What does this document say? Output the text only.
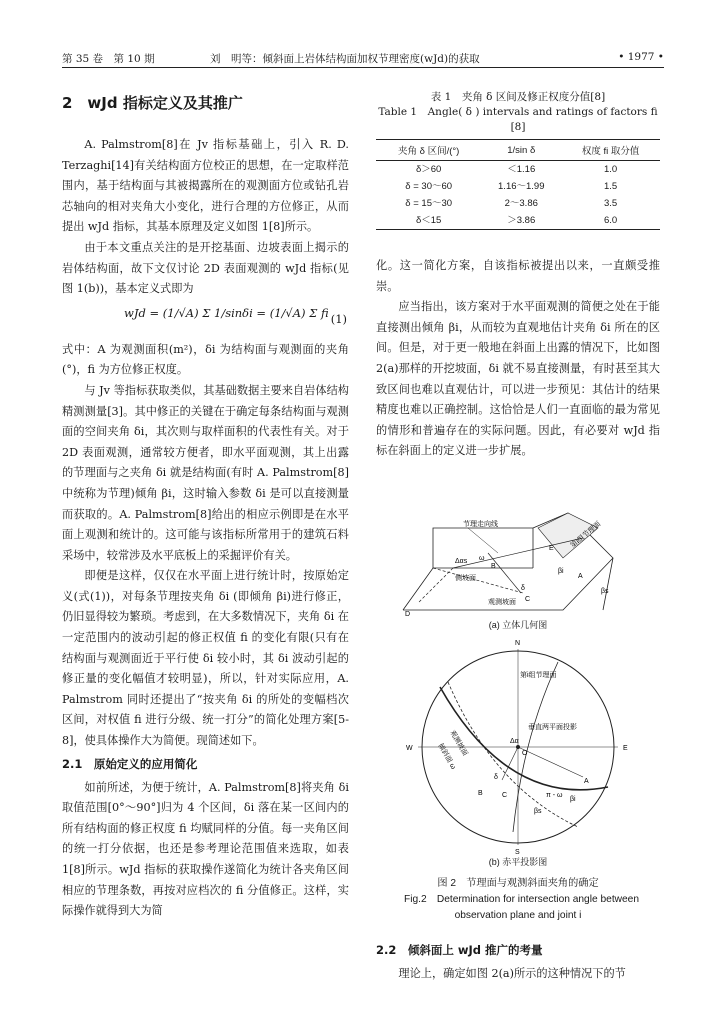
第 35 卷　第 10 期	刘　明等：倾斜面上岩体结构面加权节理密度(wJd)的获取	• 1977 •
2　wJd 指标定义及其推广

A. Palmstrom[8]在 Jv 指标基础上，引入 R. D. Terzaghi[14]有关结构面方位校正的思想，在一定取样范围内，基于结构面与其被揭露所在的观测面方位或钻孔岩芯轴向的相对夹角大小变化，进行合理的方位修正，从而提出 wJd 指标，其基本原理及定义如图 1[8]所示。

由于本文重点关注的是开挖基面、边坡表面上揭示的岩体结构面，故下文仅讨论 2D 表面观测的 wJd 指标(见图 1(b))，基本定义式即为

wJd = (1/√A) Σ 1/sinδi = (1/√A) Σ fi (1)

式中：A 为观测面积(m²)，δi 为结构面与观测面的夹角(°)，fi 为方位修正权度。

与 Jv 等指标获取类似，其基础数据主要来自岩体结构精测测量[3]。其中修正的关键在于确定每条结构面与观测面的空间夹角 δi，其次则与取样面积的代表性有关。对于 2D 表面观测，通常较方便者，即水平面观测，其上出露的节理面与之夹角 δi 就是结构面(有时 A. Palmstrom[8]中统称为节理)倾角 βi，这时输入参数 δi 是可以直接测量而获取的。A. Palmstrom[8]给出的相应示例即是在水平面上观测和统计的。这可能与该指标所常用于的建筑石料采场中，较常涉及水平底板上的采掘评价有关。

即便是这样，仅仅在水平面上进行统计时，按原始定义(式(1))，对每条节理按夹角 δi (即倾角 βi)进行修正，仍旧显得较为繁琐。考虑到，在大多数情况下，夹角 δi 在一定范围内的波动引起的修正权值 fi 的变化有限(只有在结构面与观测面近于平行使 δi 较小时，其 δi 波动引起的修正量的变化幅值才较明显)，所以，针对实际应用，A. Palmstrom 同时还提出了“按夹角 δi 的所处的变幅档次区间，对权值 fi 进行分级、统一打分”的简化处理方案[5-8]，使具体操作大为简便。现简述如下。

2.1　原始定义的应用简化

如前所述，为便于统计，A. Palmstrom[8]将夹角 δi 取值范围[0°～90°]归为 4 个区间，δi 落在某一区间内的所有结构面的修正权度 fi 均赋同样的分值。每一夹角区间的统一打分依据，也还是参考理论范围值来选取，如表 1[8]所示。wJd 指标的获取操作遂简化为统计各夹角区间相应的节理条数，再按对应档次的 fi 分值修正。这样，实际操作就得到大为简

表 1　夹角 δ 区间及修正权度分值[8]
Table 1　Angle( δ ) intervals and ratings of factors fi [8]
夹角 δ 区间/(°)	1/sin δ	权度 fi 取分值
δ＞60	＜1.16	1.0
δ = 30～60	1.16～1.99	1.5
δ = 15～30	2～3.86	3.5
δ＜15	＞3.86	6.0

化。这一简化方案，自该指标被提出以来，一直颇受推崇。

应当指出，该方案对于水平面观测的简便之处在于能直接测出倾角 βi，从而较为直观地估计夹角 δi 所在的区间。但是，对于更一般地在斜面上出露的情况下，比如图 2(a)那样的开挖坡面，δi 就不易直接测量，有时甚至其大致区间也难以直观估计，可以进一步预见：其估计的结果精度也难以正确控制。这恰恰是人们一直面临的最为常见的情形和普遍存在的实际问题。因此，有必要对 wJd 指标在斜面上的定义进一步扩展。

节理走向线	第i组节理面
侧坡面
观测坡面
Δαs ω
B
δ
C
D
E
A
βi
βs
(a) 立体几何图
N
S
W	E
第i组节理面
垂直两平面投影
观测坡面
倾斜面 ω
π - ω
Δα
δ
A
B	C
O
βi
βs
(b) 赤平投影图
图 2　节理面与观测斜面夹角的确定
Fig.2　Determination for intersection angle between
observation plane and joint i
2.2　倾斜面上 wJd 推广的考量

理论上，确定如图 2(a)所示的这种情况下的节
